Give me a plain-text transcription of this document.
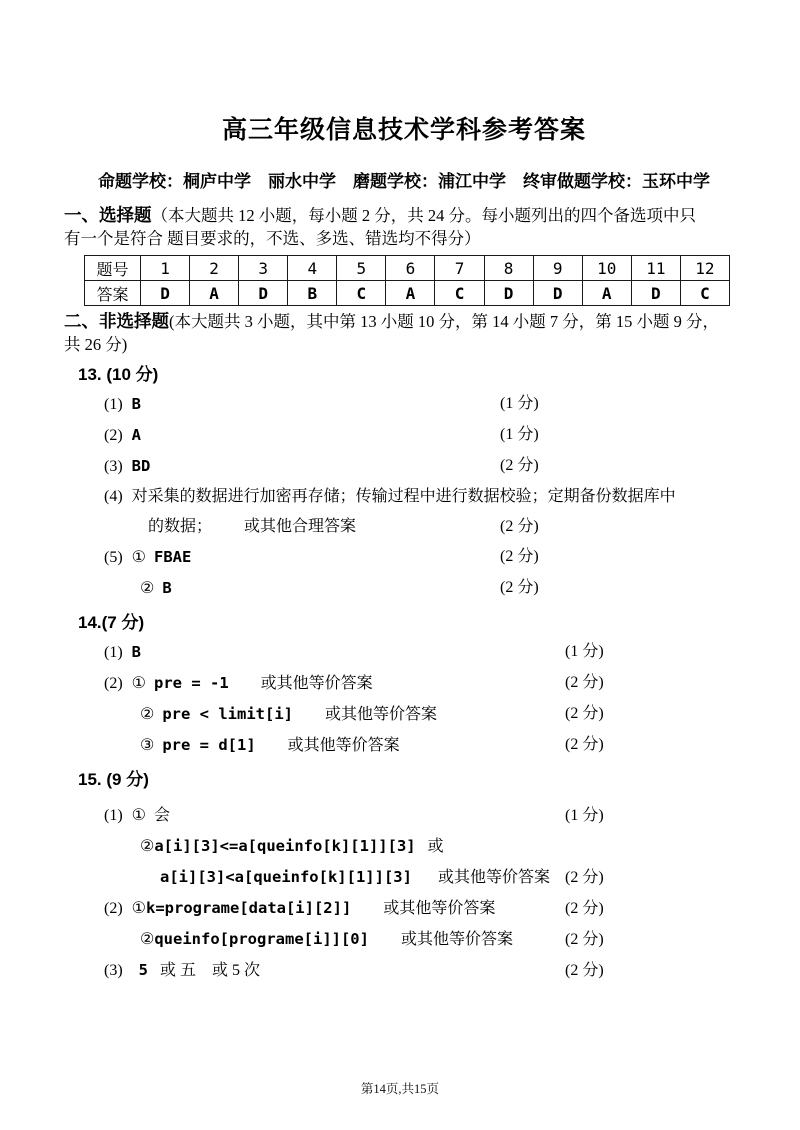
高三年级信息技术学科参考答案
命题学校：桐庐中学　丽水中学　磨题学校：浦江中学　终审做题学校：玉环中学
一、选择题（本大题共 12 小题，每小题 2 分，共 24 分。每小题列出的四个备选项中只
有一个是符合 题目要求的，不选、多选、错选均不得分）
题号	1	2	3	4	5	6	7	8	9	10	11	12
答案	D	A	D	B	C	A	C	D	D	A	D	C
二、非选择题(本大题共 3 小题，其中第 13 小题 10 分，第 14 小题 7 分，第 15 小题 9 分，
共 26 分)
13. (10 分)
(1) B	(1 分)
(2) A	(1 分)
(3) BD	(2 分)
(4) 对采集的数据进行加密再存储；传输过程中进行数据校验；定期备份数据库中
的数据； 或其他合理答案	(2 分)
(5) ① FBAE	(2 分)
② B	(2 分)
14.(7 分)
(1) B	(1 分)
(2) ① pre = -1 或其他等价答案	(2 分)
② pre < limit[i] 或其他等价答案	(2 分)
③ pre = d[1] 或其他等价答案	(2 分)
15. (9 分)
(1) ① 会	(1 分)
②a[i][3]<=a[queinfo[k][1]][3] 或
a[i][3]<a[queinfo[k][1]][3] 或其他等价答案 (2 分)
(2) ①k=programe[data[i][2]] 或其他等价答案	(2 分)
②queinfo[programe[i]][0] 或其他等价答案	(2 分)
(3) 5 或 五　或 5 次	(2 分)
第14页,共15页
